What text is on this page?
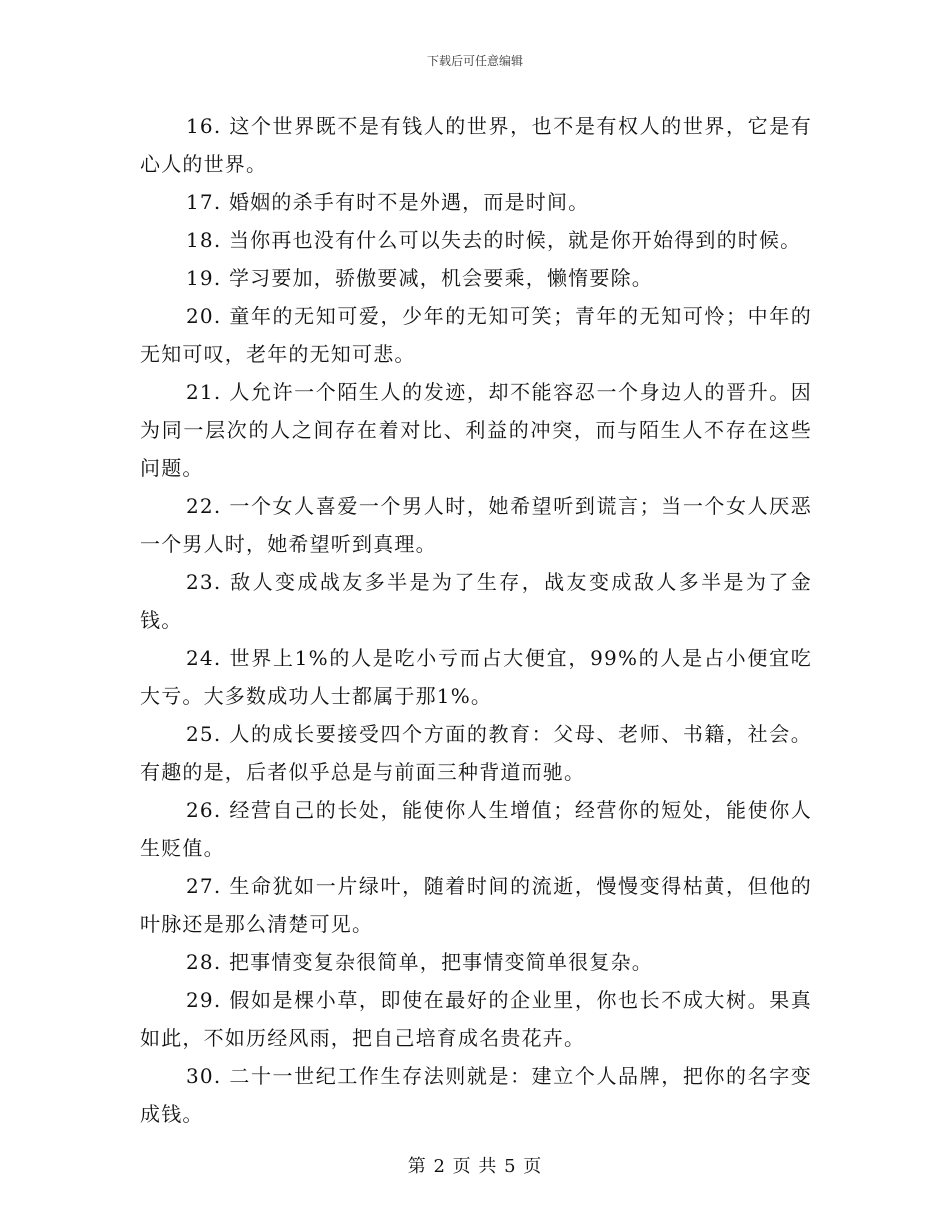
下载后可任意编辑

16. 这个世界既不是有钱人的世界，也不是有权人的世界，它是有心人的世界。

17. 婚姻的杀手有时不是外遇，而是时间。

18. 当你再也没有什么可以失去的时候，就是你开始得到的时候。

19. 学习要加，骄傲要减，机会要乘，懒惰要除。

20. 童年的无知可爱，少年的无知可笑；青年的无知可怜；中年的无知可叹，老年的无知可悲。

21. 人允许一个陌生人的发迹，却不能容忍一个身边人的晋升。因为同一层次的人之间存在着对比、利益的冲突，而与陌生人不存在这些问题。

22. 一个女人喜爱一个男人时，她希望听到谎言；当一个女人厌恶一个男人时，她希望听到真理。

23. 敌人变成战友多半是为了生存，战友变成敌人多半是为了金钱。

24. 世界上1%的人是吃小亏而占大便宜，99%的人是占小便宜吃大亏。大多数成功人士都属于那1%。

25. 人的成长要接受四个方面的教育：父母、老师、书籍，社会。有趣的是，后者似乎总是与前面三种背道而驰。

26. 经营自己的长处，能使你人生增值；经营你的短处，能使你人生贬值。

27. 生命犹如一片绿叶，随着时间的流逝，慢慢变得枯黄，但他的叶脉还是那么清楚可见。

28. 把事情变复杂很简单，把事情变简单很复杂。

29. 假如是棵小草，即使在最好的企业里，你也长不成大树。果真如此，不如历经风雨，把自己培育成名贵花卉。

30. 二十一世纪工作生存法则就是：建立个人品牌，把你的名字变成钱。

第 2 页 共 5 页
